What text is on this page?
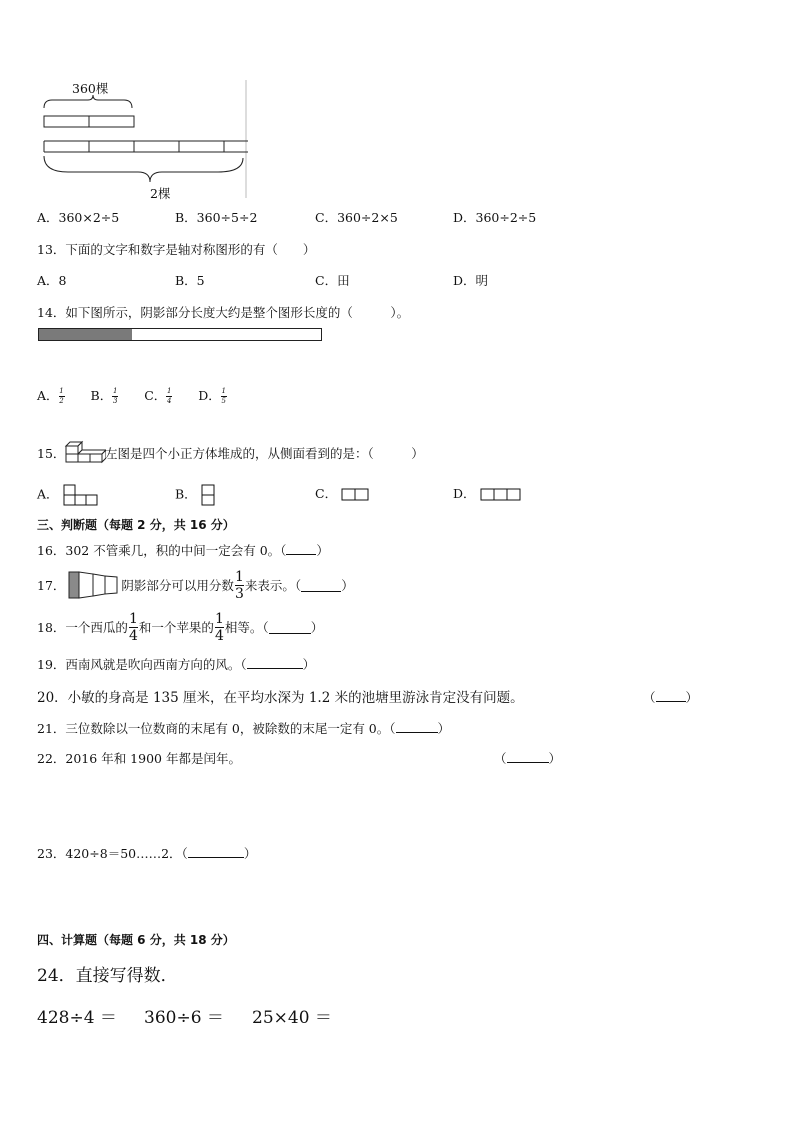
360棵
2棵
A．360×2÷5	B．360÷5÷2	C．360÷2×5	D．360÷2÷5
13．下面的文字和数字是轴对称图形的有（　　）
A．8	B．5	C．田	D．明
14．如下图所示，阴影部分长度大约是整个图形长度的（　　　）。
A． $\frac{1}{2}$ B． $\frac{1}{3}$ C． $\frac{1}{4}$ D． $\frac{1}{5}$
15．	左图是四个小正方体堆成的，从侧面看到的是：（　　　）
A．	B．	C．	D．
三、判断题（每题 2 分，共 16 分）
16．302 不管乘几，积的中间一定会有 0。（ ）
17．	阴影部分可以用分数 $\frac{1}{3}$ 来表示。（	）
18．一个西瓜的 $\frac{1}{4}$ 和一个苹果的 $\frac{1}{4}$ 相等。（	）
19．西南风就是吹向西南方向的风。（	）
20．小敏的身高是 135 厘米，在平均水深为 1.2 米的池塘里游泳肯定没有问题。	（ ）
21．三位数除以一位数商的末尾有 0，被除数的末尾一定有 0。（	）
22．2016 年和 1900 年都是闰年。	（	）
23．420÷8＝50……2．（	）
四、计算题（每题 6 分，共 18 分）
24．直接写得数．
428÷4 ＝ 360÷6 ＝ 25×40 ＝
